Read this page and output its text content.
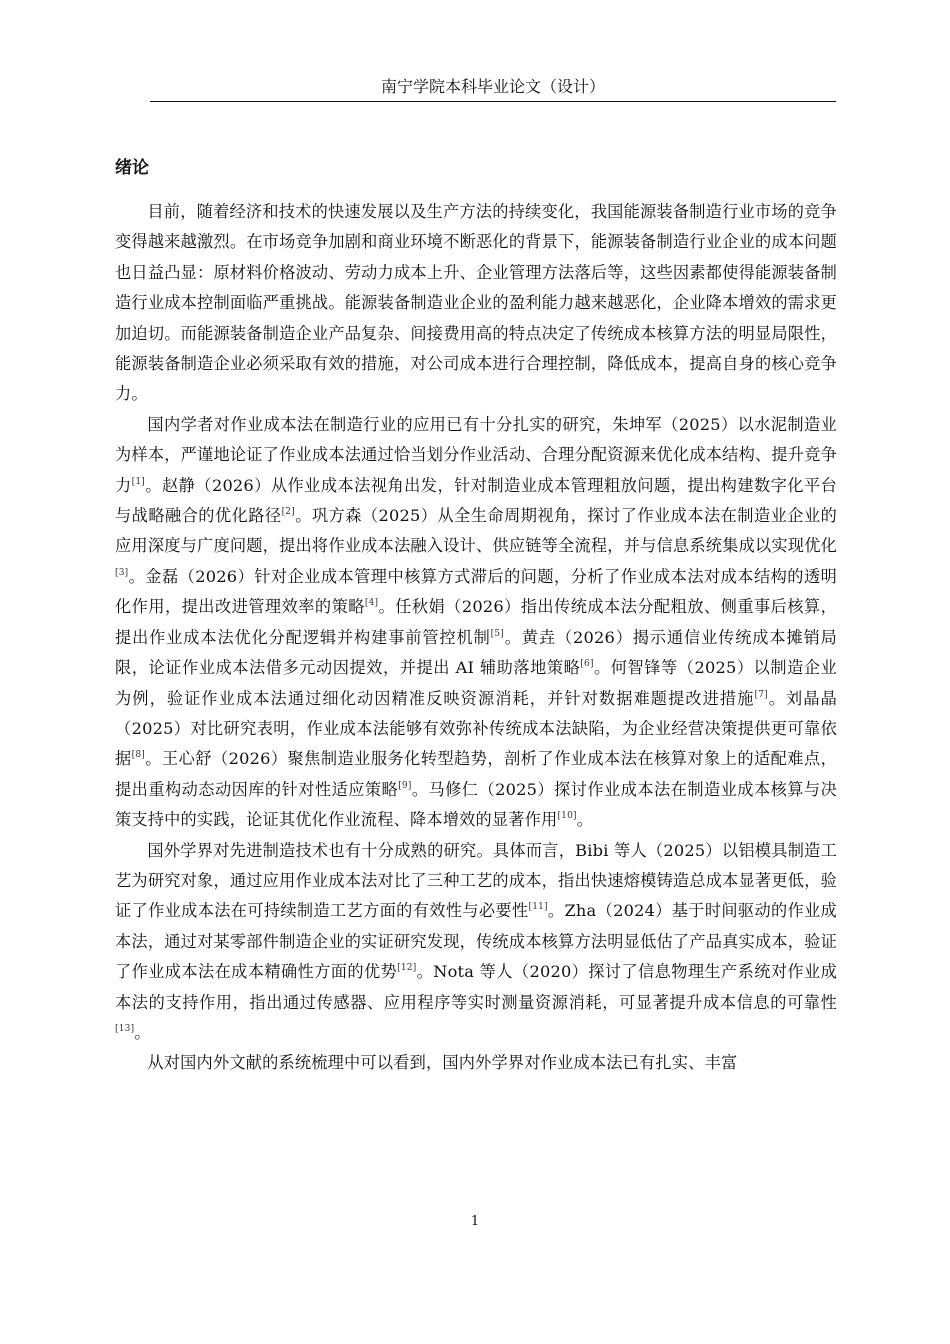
南宁学院本科毕业论文（设计）
绪论

目前，随着经济和技术的快速发展以及生产方法的持续变化，我国能源装备制造行业市场的竞争变得越来越激烈。在市场竞争加剧和商业环境不断恶化的背景下，能源装备制造行业企业的成本问题也日益凸显：原材料价格波动、劳动力成本上升、企业管理方法落后等，这些因素都使得能源装备制造行业成本控制面临严重挑战。能源装备制造业企业的盈利能力越来越恶化，企业降本增效的需求更加迫切。而能源装备制造企业产品复杂、间接费用高的特点决定了传统成本核算方法的明显局限性，能源装备制造企业必须采取有效的措施，对公司成本进行合理控制，降低成本，提高自身的核心竞争力。

国内学者对作业成本法在制造行业的应用已有十分扎实的研究，朱坤军（2025）以水泥制造业为样本，严谨地论证了作业成本法通过恰当划分作业活动、合理分配资源来优化成本结构、提升竞争力[1]。赵静（2026）从作业成本法视角出发，针对制造业成本管理粗放问题，提出构建数字化平台与战略融合的优化路径[2]。巩方森（2025）从全生命周期视角，探讨了作业成本法在制造业企业的应用深度与广度问题，提出将作业成本法融入设计、供应链等全流程，并与信息系统集成以实现优化[3]。金磊（2026）针对企业成本管理中核算方式滞后的问题，分析了作业成本法对成本结构的透明化作用，提出改进管理效率的策略[4]。任秋娟（2026）指出传统成本法分配粗放、侧重事后核算，提出作业成本法优化分配逻辑并构建事前管控机制[5]。黄垚（2026）揭示通信业传统成本摊销局限，论证作业成本法借多元动因提效，并提出 AI 辅助落地策略[6]。何智锋等（2025）以制造企业为例，验证作业成本法通过细化动因精准反映资源消耗，并针对数据难题提改进措施[7]。刘晶晶（2025）对比研究表明，作业成本法能够有效弥补传统成本法缺陷，为企业经营决策提供更可靠依据[8]。王心舒（2026）聚焦制造业服务化转型趋势，剖析了作业成本法在核算对象上的适配难点，提出重构动态动因库的针对性适应策略[9]。马修仁（2025）探讨作业成本法在制造业成本核算与决策支持中的实践，论证其优化作业流程、降本增效的显著作用[10]。

国外学界对先进制造技术也有十分成熟的研究。具体而言，Bibi 等人（2025）以铝模具制造工艺为研究对象，通过应用作业成本法对比了三种工艺的成本，指出快速熔模铸造总成本显著更低，验证了作业成本法在可持续制造工艺方面的有效性与必要性[11]。Zha（2024）基于时间驱动的作业成本法，通过对某零部件制造企业的实证研究发现，传统成本核算方法明显低估了产品真实成本，验证了作业成本法在成本精确性方面的优势[12]。Nota 等人（2020）探讨了信息物理生产系统对作业成本法的支持作用，指出通过传感器、应用程序等实时测量资源消耗，可显著提升成本信息的可靠性[13]。

从对国内外文献的系统梳理中可以看到，国内外学界对作业成本法已有扎实、丰富

1
